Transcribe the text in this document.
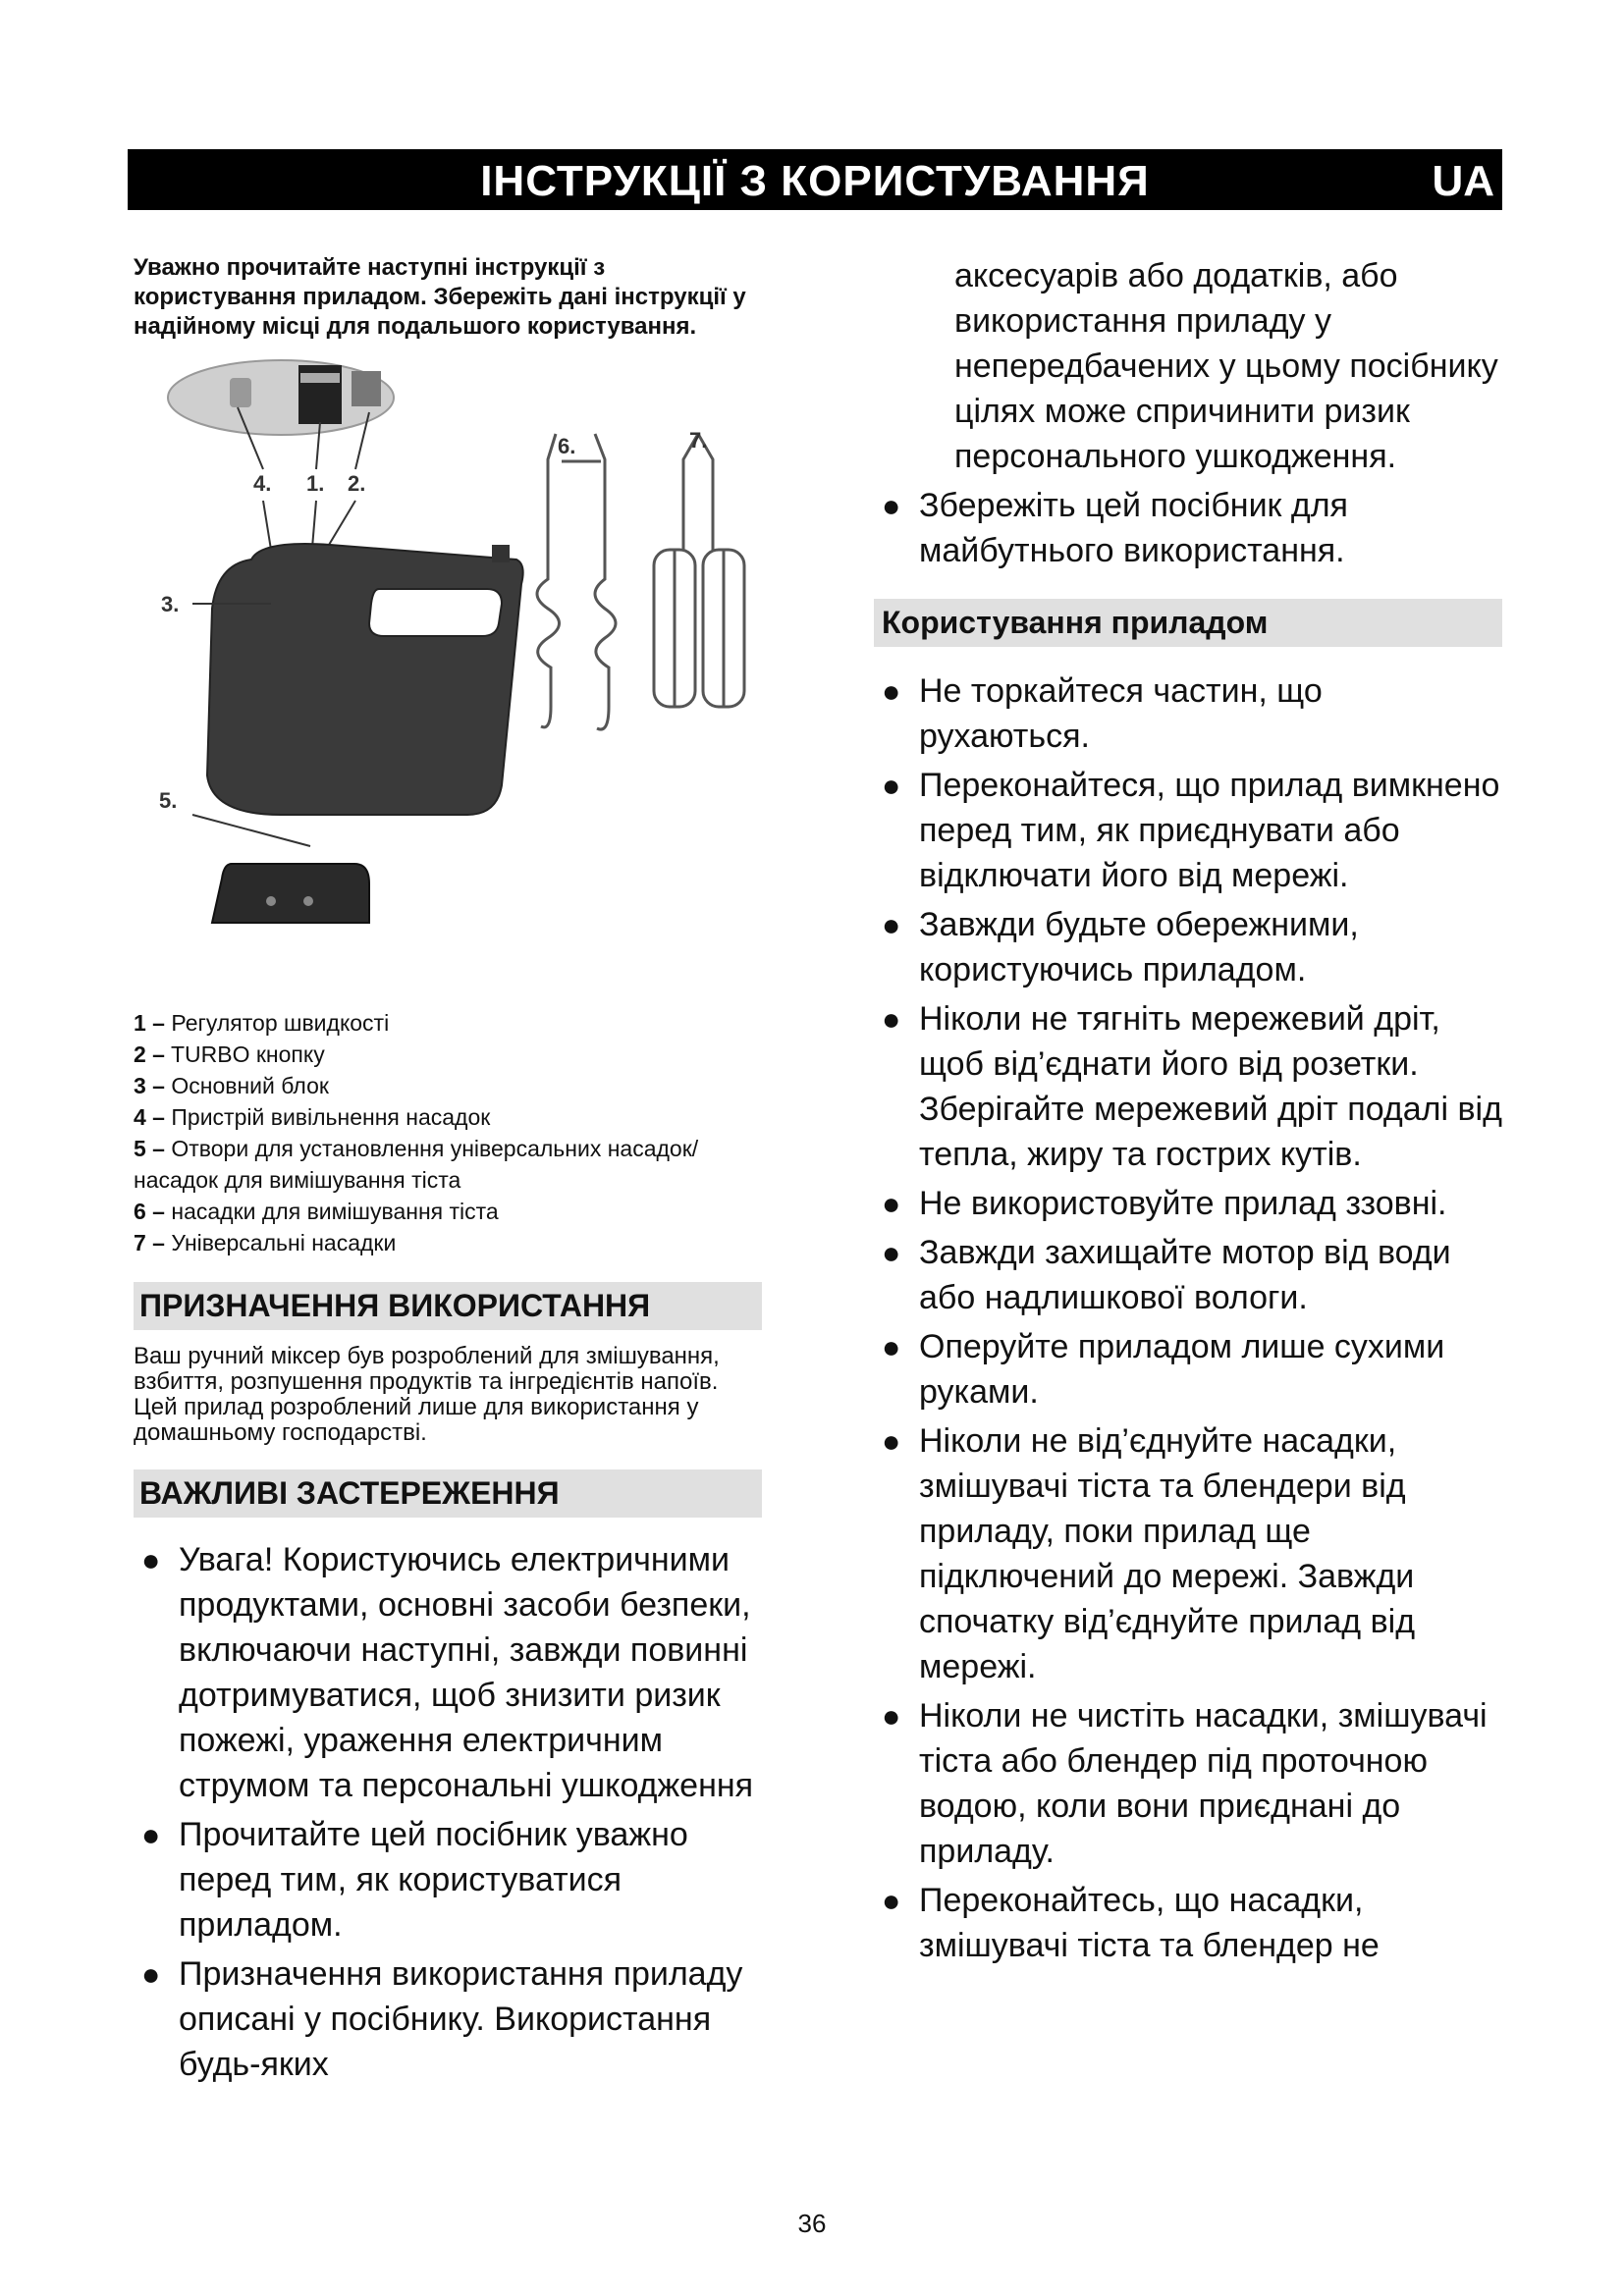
ІНСТРУКЦІЇ З КОРИСТУВАННЯ	UA

Уважно прочитайте наступні інструкції з користування приладом. Збережіть дані інструкції у надійному місці для подальшого користування.

4. 1. 2.
3.
5.
6.	7.
1 – Регулятор швидкості
2 – TURBO кнопку
3 – Основний блок
4 – Пристрій вивільнення насадок
5 – Отвори для установлення універсальних насадок/насадок для вимішування тіста
6 – насадки для вимішування тіста
7 – Універсальні насадки
ПРИЗНАЧЕННЯ ВИКОРИСТАННЯ
Ваш ручний міксер був розроблений для змішування, взбиття, розпушення продуктів та інгредієнтів напоїв. Цей прилад розроблений лише для використання у домашньому господарстві.
ВАЖЛИВІ ЗАСТЕРЕЖЕННЯ
● Увага! Користуючись електричними продуктами, основні засоби безпеки, включаючи наступні, завжди повинні дотримуватися, щоб знизити ризик пожежі, ураження електричним струмом та персональні ушкодження
● Прочитайте цей посібник уважно перед тим, як користуватися приладом.
● Призначення використання приладу описані у посібнику. Використання будь-яких

аксесуарів або додатків, або використання приладу у непередбачених у цьому посібнику цілях може спричинити ризик персонального ушкодження.

● Збережіть цей посібник для майбутнього використання.
Користування приладом
● Не торкайтеся частин, що рухаються.
● Переконайтеся, що прилад вимкнено перед тим, як приєднувати або відключати його від мережі.
● Завжди будьте обережними, користуючись приладом.
● Ніколи не тягніть мережевий дріт, щоб від’єднати його від розетки. Зберігайте мережевий дріт подалі від тепла, жиру та гострих кутів.
● Не використовуйте прилад ззовні.
● Завжди захищайте мотор від води або надлишкової вологи.
● Оперуйте приладом лише сухими руками.
● Ніколи не від’єднуйте насадки, змішувачі тіста та блендери від приладу, поки прилад ще підключений до мережі. Завжди спочатку від’єднуйте прилад від мережі.
● Ніколи не чистіть насадки, змішувачі тіста або блендер під проточною водою, коли вони приєднані до приладу.
● Переконайтесь, що насадки, змішувачі тіста та блендер не
36
